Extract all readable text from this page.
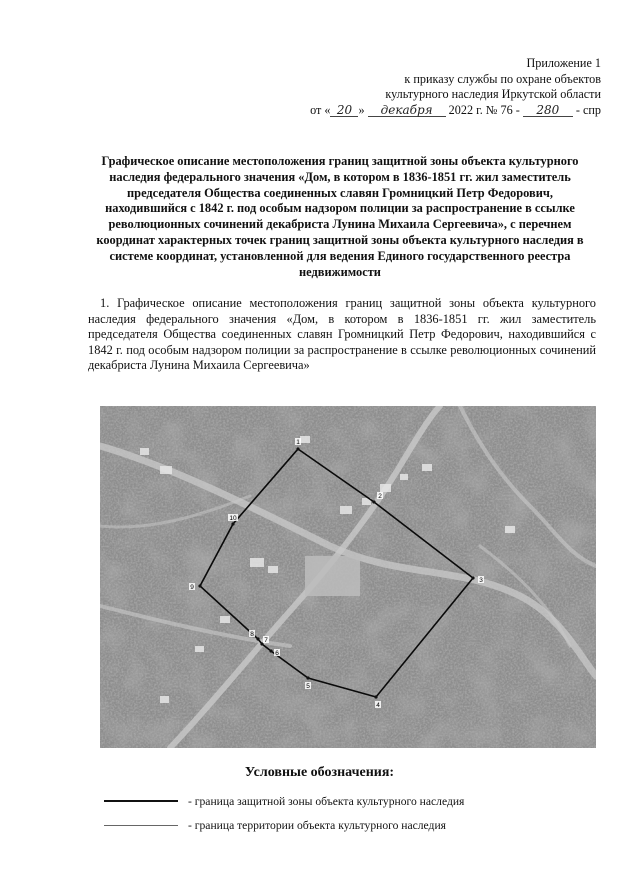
Приложение 1
к приказу службы по охране объектов
культурного наследия Иркутской области
от « 20 » декабря 2022 г. № 76 - 280 - спр
Графическое описание местоположения границ защитной зоны объекта культурного наследия федерального значения «Дом, в котором в 1836-1851 гг. жил заместитель председателя Общества соединенных славян Громницкий Петр Федорович, находившийся с 1842 г. под особым надзором полиции за распространение в ссылке революционных сочинений декабриста Лунина Михаила Сергеевича», с перечнем координат характерных точек границ защитной зоны объекта культурного наследия в системе координат, установленной для ведения Единого государственного реестра недвижимости
1. Графическое описание местоположения границ защитной зоны объекта культурного наследия федерального значения «Дом, в котором в 1836-1851 гг. жил заместитель председателя Общества соединенных славян Громницкий Петр Федорович, находившийся с 1842 г. под особым надзором полиции за распространение в ссылке революционных сочинений декабриста Лунина Михаила Сергеевича»
1
2
3
4
5
6
7
8
9
10
Условные обозначения:
- граница защитной зоны объекта культурного наследия
- граница территории объекта культурного наследия
